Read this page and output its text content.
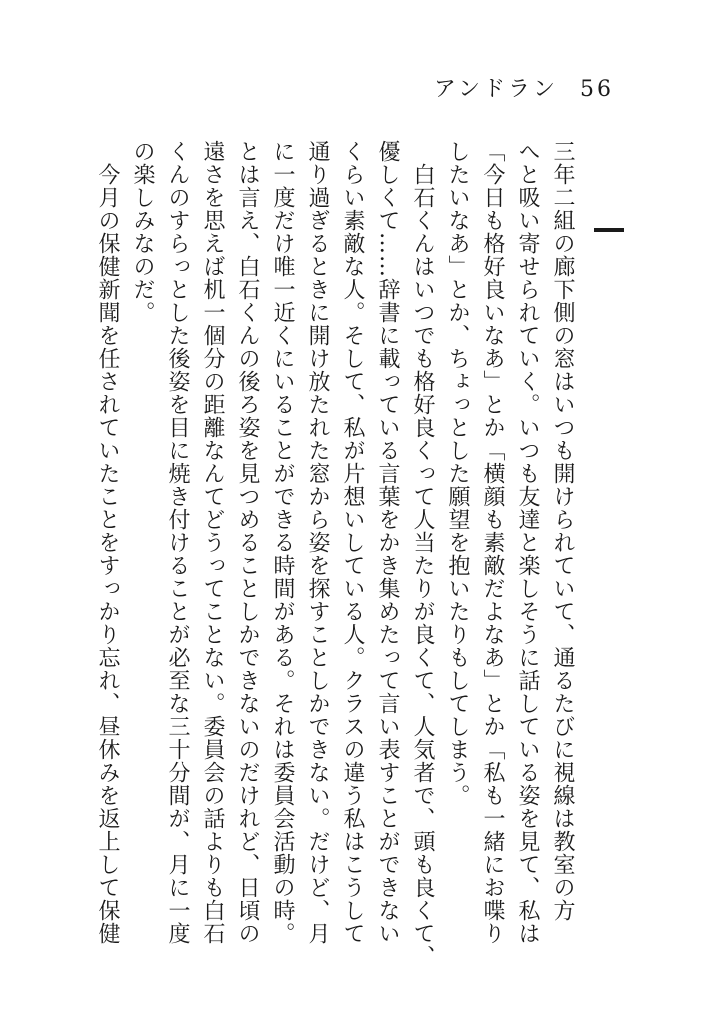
アンドラン 56
三年二組の廊下側の窓はいつも開けられていて、通るたびに視線は教室の方
へと吸い寄せられていく。いつも友達と楽しそうに話している姿を見て、私は
「今日も格好良いなあ」とか「横顔も素敵だよなあ」とか「私も一緒にお喋り
したいなあ」とか、ちょっとした願望を抱いたりもしてしまう。
　白石くんはいつでも格好良くって人当たりが良くて、人気者で、頭も良くて、
優しくて……辞書に載っている言葉をかき集めたって言い表すことができない
くらい素敵な人。そして、私が片想いしている人。クラスの違う私はこうして
通り過ぎるときに開け放たれた窓から姿を探すことしかできない。だけど、月
に一度だけ唯一近くにいることができる時間がある。それは委員会活動の時。
とは言え、白石くんの後ろ姿を見つめることしかできないのだけれど、日頃の
遠さを思えば机一個分の距離なんてどうってことない。委員会の話よりも白石
くんのすらっとした後姿を目に焼き付けることが必至な三十分間が、月に一度
の楽しみなのだ。
　今月の保健新聞を任されていたことをすっかり忘れ、昼休みを返上して保健
